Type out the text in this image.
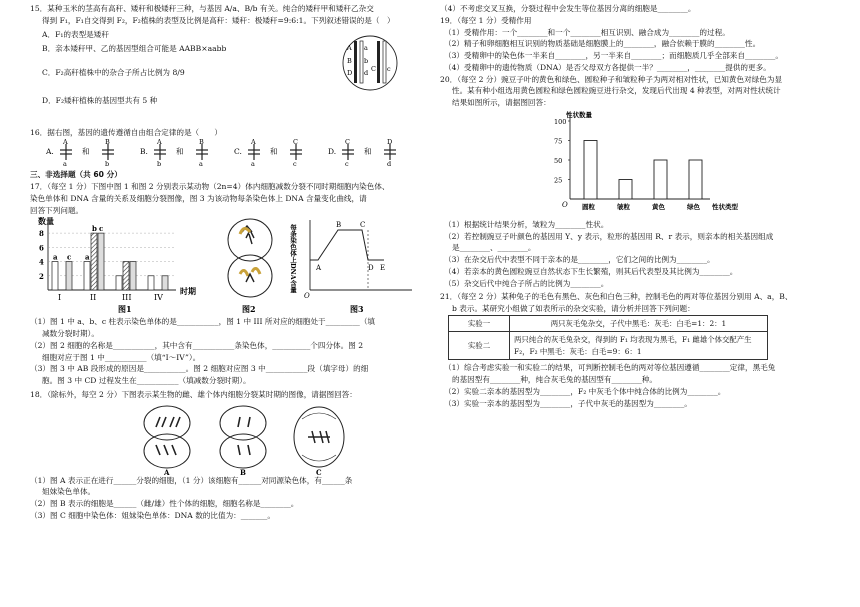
15．某种玉米的茎高有高秆、矮秆和极矮秆三种，与基因 A/a、B/b 有关。纯合的矮秆甲和矮秆乙杂交
得到 F₁，F₁自交得到 F₂，F₂植株的表型及比例是高秆：矮秆：极矮秆=9:6:1。下列叙述错误的是（　）
A．F₁的表型是矮秆
B．亲本矮秆甲、乙的基因型组合可能是 AABB×aabb
C．F₂高秆植株中的杂合子所占比例为 8/9
D．F₂矮秆植株的基因型共有 5 种
A
B
a
b
D d C c
16．据右图，基因的遗传遵循自由组合定律的是（　　）
A.
A
a
B
b
和	B.
A
b
B
a
和	C.
A
a
C
c
和	D.
C
c
D
d
和
三、非选择题（共 60 分）
17．（每空 1 分）下图中图 1 和图 2 分别表示某动物（2n=4）体内细胞减数分裂不同时期细胞内染色体、
染色单体和 DNA 含量的关系及细胞分裂图像，图 3 为该动物每条染色体上 DNA 含量变化曲线，请
回答下列问题。
数量
时期
图1
8
6
4
2
a c
I
a
b c
II	III	IV
图2
每条染色体上DNA含量
O
A
B	C
D E
图3
（1）图 1 中 a、b、c 柱表示染色单体的是___________，图 1 中 III 所对应的细胞处于_________（填
减数分裂时期）。
（2）图 2 细胞的名称是___________，其中含有___________条染色体，__________个四分体。图 2
细胞对应于图 1 中___________（填“I～IV”）。
（3）图 3 中 AB 段形成的原因是___________。图 2 细胞对应图 3 中___________段（填字母）的细
胞。图 3 中 CD 过程发生在___________（填减数分裂时期）。
18．（除标外，每空 2 分）下图表示某生物的雌、雄个体内细胞分裂某时期的图像，请据图回答：
A	B	C
（1）图 A 表示正在进行______分裂的细胞，（1 分）该细胞有______对同源染色体，有______条
姐妹染色单体。
（2）图 B 表示的细胞是______（雌/雄）性个体的细胞，细胞名称是________。
（3）图 C 细胞中染色体：姐妹染色单体：DNA 数的比值为：_______。
（4）不考虑交叉互换，分裂过程中会发生等位基因分离的细胞是________。
19．（每空 1 分）受精作用
（1）受精作用：一个________和一个________相互识别、融合成为________的过程。
（2）精子和卵细胞相互识别的物质基础是细胞膜上的________，融合依赖于膜的________性。
（3）受精卵中的染色体一半来自________，另一半来自________；而细胞质几乎全部来自________。
（4）受精卵中的遗传物质（DNA）是否父母双方各提供一半？________，________提供的更多。
20．（每空 2 分）豌豆子叶的黄色和绿色、圆粒种子和皱粒种子为两对相对性状，已知黄色对绿色为显
性。某有种小组选用黄色圆粒和绿色圆粒豌豆进行杂交，发现后代出现 4 种表型，对两对性状统计
结果如图所示，请据图回答：
性状数量
性状类型
O
25
50
75
100
圆粒	皱粒	黄色	绿色
（1）根据统计结果分析，皱粒为________性状。
（2）若控制豌豆子叶颜色的基因用 Y、y 表示，粒形的基因用 R、r 表示，则亲本的相关基因组成
是________、________。
（3）在杂交后代中表型不同于亲本的是________，它们之间的比例为________。
（4）若亲本的黄色圆粒豌豆自然状态下生长繁殖，则其后代表型及其比例为________。
（5）杂交后代中纯合子所占的比例为________。
21．（每空 2 分）某种兔子的毛色有黑色、灰色和白色三种，控制毛色的两对等位基因分别用 A、a，B、
b 表示。某研究小组做了如表所示的杂交实验，请分析并回答下列问题：
实验一	两只灰毛兔杂交，子代中黑毛：灰毛：白毛=1：2：1
实验二	两只纯合的灰毛兔杂交，得到的 F₁ 均表现为黑毛，F₁ 雌雄个体交配产生 F₂，F₂ 中黑毛：灰毛：白毛=9：6：1
（1）综合考虑实验一和实验二的结果，可判断控制毛色的两对等位基因遵循________定律，黑毛兔
的基因型有________种，纯合灰毛兔的基因型有________种。
（2）实验二亲本的基因型为________，F₂ 中灰毛个体中纯合体的比例为________。
（3）实验一亲本的基因型为________，子代中灰毛的基因型为________。
